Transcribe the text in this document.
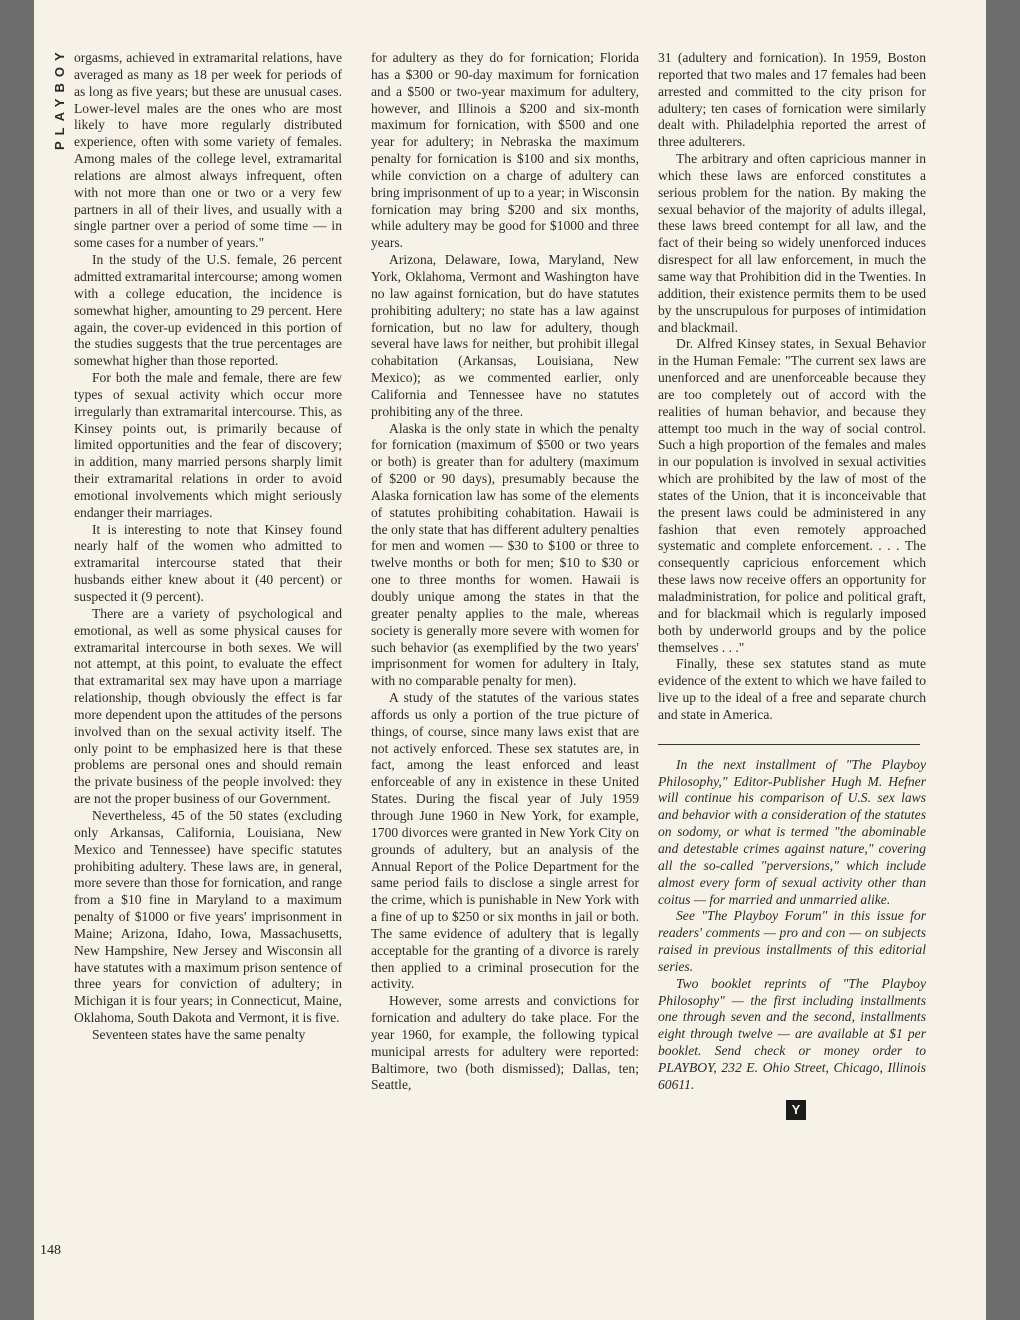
PLAYBOY
148

orgasms, achieved in extramarital relations, have averaged as many as 18 per week for periods of as long as five years; but these are unusual cases. Lower-level males are the ones who are most likely to have more regularly distributed experience, often with some variety of females. Among males of the college level, extramarital relations are almost always infrequent, often with not more than one or two or a very few partners in all of their lives, and usually with a single partner over a period of some time — in some cases for a number of years."

In the study of the U.S. female, 26 percent admitted extramarital intercourse; among women with a college education, the incidence is somewhat higher, amounting to 29 percent. Here again, the cover-up evidenced in this portion of the studies suggests that the true percentages are somewhat higher than those reported.

For both the male and female, there are few types of sexual activity which occur more irregularly than extramarital intercourse. This, as Kinsey points out, is primarily because of limited opportunities and the fear of discovery; in addition, many married persons sharply limit their extramarital relations in order to avoid emotional involvements which might seriously endanger their marriages.

It is interesting to note that Kinsey found nearly half of the women who admitted to extramarital intercourse stated that their husbands either knew about it (40 percent) or suspected it (9 percent).

There are a variety of psychological and emotional, as well as some physical causes for extramarital intercourse in both sexes. We will not attempt, at this point, to evaluate the effect that extramarital sex may have upon a marriage relationship, though obviously the effect is far more dependent upon the attitudes of the persons involved than on the sexual activity itself. The only point to be emphasized here is that these problems are personal ones and should remain the private business of the people involved: they are not the proper business of our Government.

Nevertheless, 45 of the 50 states (excluding only Arkansas, California, Louisiana, New Mexico and Tennessee) have specific statutes prohibiting adultery. These laws are, in general, more severe than those for fornication, and range from a $10 fine in Maryland to a maximum penalty of $1000 or five years' imprisonment in Maine; Arizona, Idaho, Iowa, Massachusetts, New Hampshire, New Jersey and Wisconsin all have statutes with a maximum prison sentence of three years for conviction of adultery; in Michigan it is four years; in Connecticut, Maine, Oklahoma, South Dakota and Vermont, it is five.

Seventeen states have the same penalty

for adultery as they do for fornication; Florida has a $300 or 90-day maximum for fornication and a $500 or two-year maximum for adultery, however, and Illinois a $200 and six-month maximum for fornication, with $500 and one year for adultery; in Nebraska the maximum penalty for fornication is $100 and six months, while conviction on a charge of adultery can bring imprisonment of up to a year; in Wisconsin fornication may bring $200 and six months, while adultery may be good for $1000 and three years.

Arizona, Delaware, Iowa, Maryland, New York, Oklahoma, Vermont and Washington have no law against fornication, but do have statutes prohibiting adultery; no state has a law against fornication, but no law for adultery, though several have laws for neither, but prohibit illegal cohabitation (Arkansas, Louisiana, New Mexico); as we commented earlier, only California and Tennessee have no statutes prohibiting any of the three.

Alaska is the only state in which the penalty for fornication (maximum of $500 or two years or both) is greater than for adultery (maximum of $200 or 90 days), presumably because the Alaska fornication law has some of the elements of statutes prohibiting cohabitation. Hawaii is the only state that has different adultery penalties for men and women — $30 to $100 or three to twelve months or both for men; $10 to $30 or one to three months for women. Hawaii is doubly unique among the states in that the greater penalty applies to the male, whereas society is generally more severe with women for such behavior (as exemplified by the two years' imprisonment for women for adultery in Italy, with no comparable penalty for men).

A study of the statutes of the various states affords us only a portion of the true picture of things, of course, since many laws exist that are not actively enforced. These sex statutes are, in fact, among the least enforced and least enforceable of any in existence in these United States. During the fiscal year of July 1959 through June 1960 in New York, for example, 1700 divorces were granted in New York City on grounds of adultery, but an analysis of the Annual Report of the Police Department for the same period fails to disclose a single arrest for the crime, which is punishable in New York with a fine of up to $250 or six months in jail or both. The same evidence of adultery that is legally acceptable for the granting of a divorce is rarely then applied to a criminal prosecution for the activity.

However, some arrests and convictions for fornication and adultery do take place. For the year 1960, for example, the following typical municipal arrests for adultery were reported: Baltimore, two (both dismissed); Dallas, ten; Seattle,

31 (adultery and fornication). In 1959, Boston reported that two males and 17 females had been arrested and committed to the city prison for adultery; ten cases of fornication were similarly dealt with. Philadelphia reported the arrest of three adulterers.

The arbitrary and often capricious manner in which these laws are enforced constitutes a serious problem for the nation. By making the sexual behavior of the majority of adults illegal, these laws breed contempt for all law, and the fact of their being so widely unenforced induces disrespect for all law enforcement, in much the same way that Prohibition did in the Twenties. In addition, their existence permits them to be used by the unscrupulous for purposes of intimidation and blackmail.

Dr. Alfred Kinsey states, in Sexual Behavior in the Human Female: "The current sex laws are unenforced and are unenforceable because they are too completely out of accord with the realities of human behavior, and because they attempt too much in the way of social control. Such a high proportion of the females and males in our population is involved in sexual activities which are prohibited by the law of most of the states of the Union, that it is inconceivable that the present laws could be administered in any fashion that even remotely approached systematic and complete enforcement. . . . The consequently capricious enforcement which these laws now receive offers an opportunity for maladministration, for police and political graft, and for blackmail which is regularly imposed both by underworld groups and by the police themselves . . ."

Finally, these sex statutes stand as mute evidence of the extent to which we have failed to live up to the ideal of a free and separate church and state in America.

In the next installment of "The Playboy Philosophy," Editor-Publisher Hugh M. Hefner will continue his comparison of U.S. sex laws and behavior with a consideration of the statutes on sodomy, or what is termed "the abominable and detestable crimes against nature," covering all the so-called "perversions," which include almost every form of sexual activity other than coitus — for married and unmarried alike.

See "The Playboy Forum" in this issue for readers' comments — pro and con — on subjects raised in previous installments of this editorial series.

Two booklet reprints of "The Playboy Philosophy" — the first including installments one through seven and the second, installments eight through twelve — are available at $1 per booklet. Send check or money order to PLAYBOY, 232 E. Ohio Street, Chicago, Illinois 60611.

Y
